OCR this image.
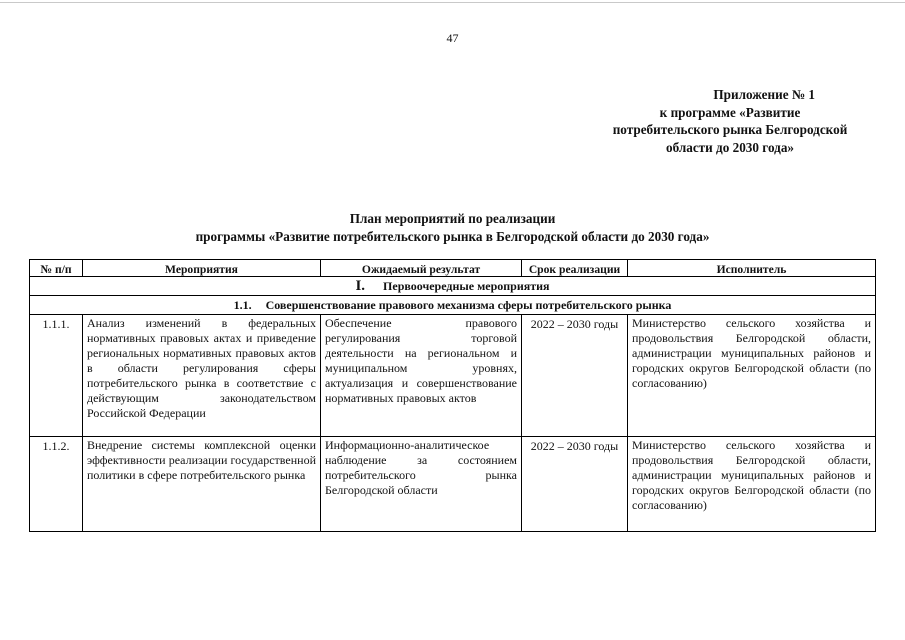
47
Приложение № 1
к программе «Развитие
потребительского рынка Белгородской
области до 2030 года»
План мероприятий по реализации
программы «Развитие потребительского рынка в Белгородской области до 2030 года»
№ п/п	Мероприятия	Ожидаемый результат	Срок реализации	Исполнитель
I. Первоочередные мероприятия				
1.1. Совершенствование правового механизма сферы потребительского рынка				
1.1.1.	Анализ изменений в федеральных нормативных правовых актах и приведение региональных нормативных правовых актов в области регулирования сферы потребительского рынка в соответствие с действующим законодательством Российской Федерации	Обеспечение правового регулирования торговой деятельности на региональном и муниципальном уровнях, актуализация и совершенствование нормативных правовых актов	2022 – 2030 годы	Министерство сельского хозяйства и продовольствия Белгородской области, администрации муниципальных районов и городских округов Белгородской области (по согласованию)
1.1.2.	Внедрение системы комплексной оценки эффективности реализации государственной политики в сфере потребительского рынка	Информационно-аналитическое наблюдение за состоянием потребительского рынка Белгородской области	2022 – 2030 годы	Министерство сельского хозяйства и продовольствия Белгородской области, администрации муниципальных районов и городских округов Белгородской области (по согласованию)
